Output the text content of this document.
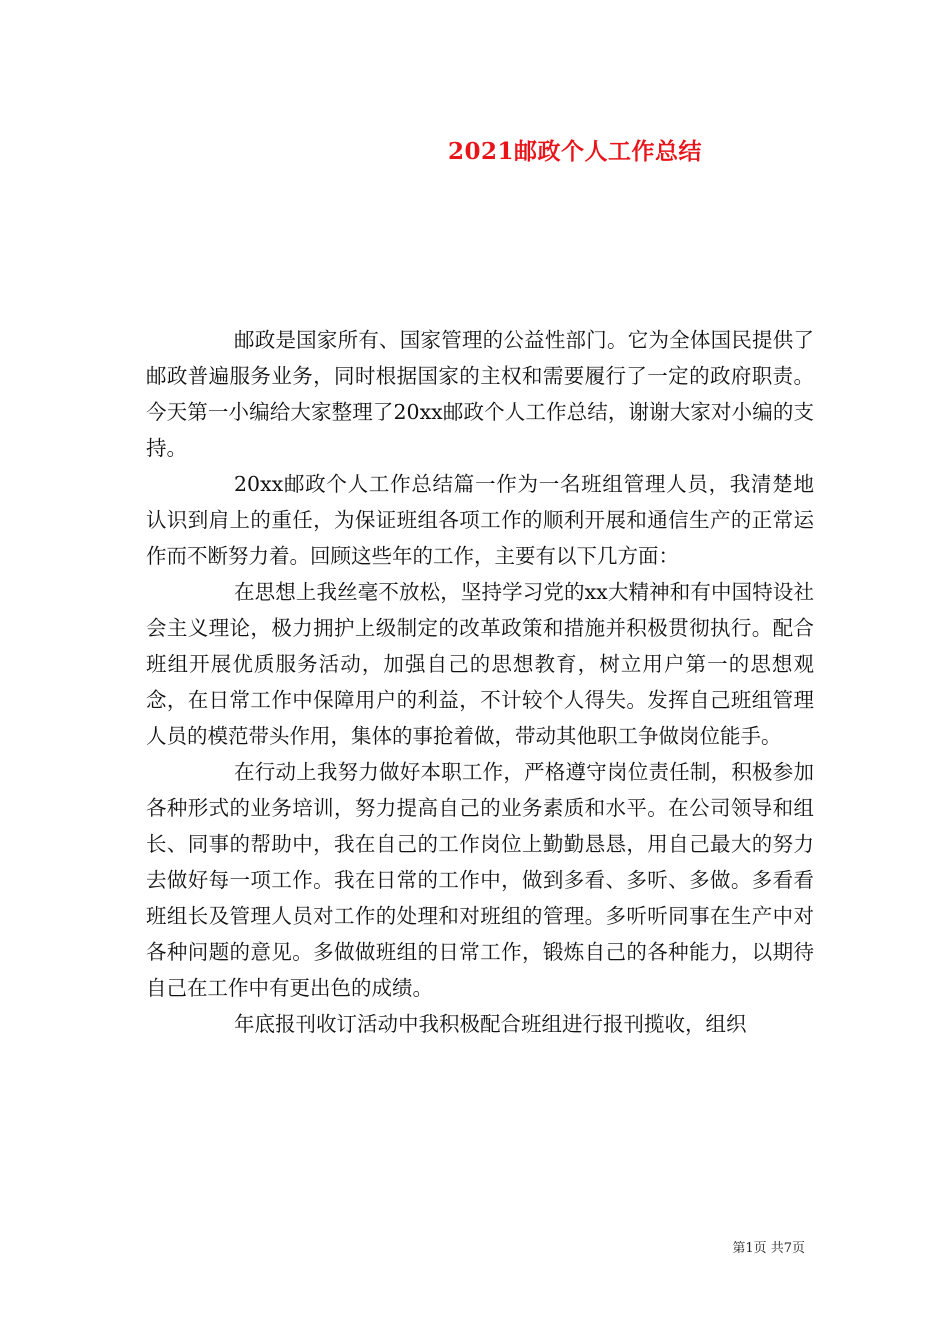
2021邮政个人工作总结

邮政是国家所有、国家管理的公益性部门。它为全体国民提供了邮政普遍服务业务，同时根据国家的主权和需要履行了一定的政府职责。今天第一小编给大家整理了20xx邮政个人工作总结，谢谢大家对小编的支持。

20xx邮政个人工作总结篇一作为一名班组管理人员，我清楚地认识到肩上的重任，为保证班组各项工作的顺利开展和通信生产的正常运作而不断努力着。回顾这些年的工作，主要有以下几方面：

在思想上我丝毫不放松，坚持学习党的xx大精神和有中国特设社会主义理论，极力拥护上级制定的改革政策和措施并积极贯彻执行。配合班组开展优质服务活动，加强自己的思想教育，树立用户第一的思想观念，在日常工作中保障用户的利益，不计较个人得失。发挥自己班组管理人员的模范带头作用，集体的事抢着做，带动其他职工争做岗位能手。

在行动上我努力做好本职工作，严格遵守岗位责任制，积极参加各种形式的业务培训，努力提高自己的业务素质和水平。在公司领导和组长、同事的帮助中，我在自己的工作岗位上勤勤恳恳，用自己最大的努力去做好每一项工作。我在日常的工作中，做到多看、多听、多做。多看看班组长及管理人员对工作的处理和对班组的管理。多听听同事在生产中对各种问题的意见。多做做班组的日常工作，锻炼自己的各种能力，以期待自己在工作中有更出色的成绩。

年底报刊收订活动中我积极配合班组进行报刊揽收，组织

第1页 共7页
